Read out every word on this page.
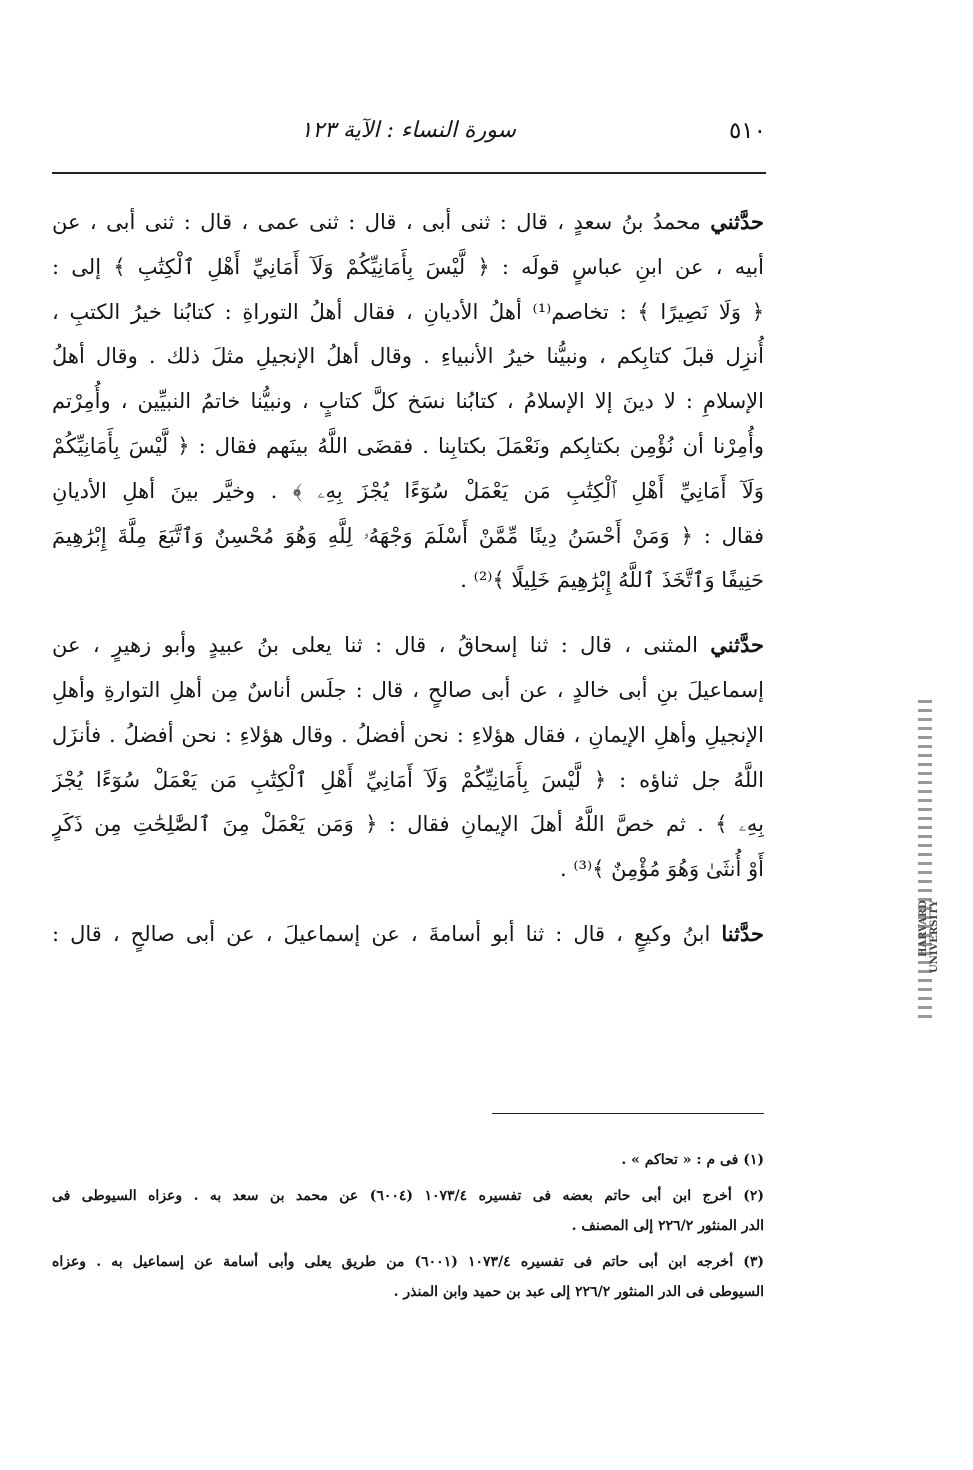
٥١٠
سورة النساء : الآية ١٢٣
حدَّثني محمدُ بنُ سعدٍ ، قال : ثنى أبى ، قال : ثنى عمى ، قال : ثنى أبى ، عن
أبيه ، عن ابنِ عباسٍ قولَه : ﴿ لَّيْسَ بِأَمَانِيِّكُمْ وَلَآ أَمَانِيِّ أَهْلِ ٱلْكِتَٰبِ ﴾ إلى :
﴿ وَلَا نَصِيرًا ﴾ : تخاصم⁽¹⁾ أهلُ الأديانِ ، فقال أهلُ التوراةِ : كتابُنا خيرُ الكتبِ ،
أُنزِل قبلَ كتابِكم ، ونبيُّنا خيرُ الأنبياءِ . وقال أهلُ الإنجيلِ مثلَ ذلك . وقال أهلُ
الإسلامِ : لا دينَ إلا الإسلامُ ، كتابُنا نسَخ كلَّ كتابٍ ، ونبيُّنا خاتمُ النبيِّين ، وأُمِرْتم
وأُمِرْنا أن نُؤْمِن بكتابِكم ونَعْمَلَ بكتابِنا . فقضَى اللَّهُ بينَهم فقال : ﴿ لَّيْسَ بِأَمَانِيِّكُمْ
وَلَآ أَمَانِيِّ أَهْلِ ٱلْكِتَٰبِ مَن يَعْمَلْ سُوٓءًا يُجْزَ بِهِۦ ﴾ . وخيَّر بينَ أهلِ الأديانِ
فقال : ﴿ وَمَنْ أَحْسَنُ دِينًا مِّمَّنْ أَسْلَمَ وَجْهَهُۥ لِلَّهِ وَهُوَ مُحْسِنٌ وَٱتَّبَعَ مِلَّةَ إِبْرَٰهِيمَ
حَنِيفًا وَٱتَّخَذَ ٱللَّهُ إِبْرَٰهِيمَ خَلِيلًا ﴾⁽²⁾ .
حدَّثني المثنى ، قال : ثنا إسحاقُ ، قال : ثنا يعلى بنُ عبيدٍ وأبو زهيرٍ ، عن
إسماعيلَ بنِ أبى خالدٍ ، عن أبى صالحٍ ، قال : جلَس أناسٌ مِن أهلِ التوارةِ وأهلِ
الإنجيلِ وأهلِ الإيمانِ ، فقال هؤلاءِ : نحن أفضلُ . وقال هؤلاءِ : نحن أفضلُ . فأنزَل
اللَّهُ جل ثناؤه : ﴿ لَّيْسَ بِأَمَانِيِّكُمْ وَلَآ أَمَانِيِّ أَهْلِ ٱلْكِتَٰبِ مَن يَعْمَلْ سُوٓءًا يُجْزَ
بِهِۦ ﴾ . ثم خصَّ اللَّهُ أهلَ الإيمانِ فقال : ﴿ وَمَن يَعْمَلْ مِنَ ٱلصَّٰلِحَٰتِ مِن ذَكَرٍ
أَوْ أُنثَىٰ وَهُوَ مُؤْمِنٌ ﴾⁽³⁾ .
حدَّثنا ابنُ وكيعٍ ، قال : ثنا أبو أسامةَ ، عن إسماعيلَ ، عن أبى صالحٍ ، قال :
(١) فى م : « تحاكم » .
(٢) أخرج ابن أبى حاتم بعضه فى تفسيره ١٠٧٣/٤ (٦٠٠٤) عن محمد بن سعد به . وعزاه السيوطى فى
الدر المنثور ٢٢٦/٢ إلى المصنف .
(٣) أخرجه ابن أبى حاتم فى تفسيره ١٠٧٣/٤ (٦٠٠١) من طريق يعلى وأبى أسامة عن إسماعيل به . وعزاه
السيوطى فى الدر المنثور ٢٢٦/٢ إلى عبد بن حميد وابن المنذر .
HARVARD UNIVERSITY
